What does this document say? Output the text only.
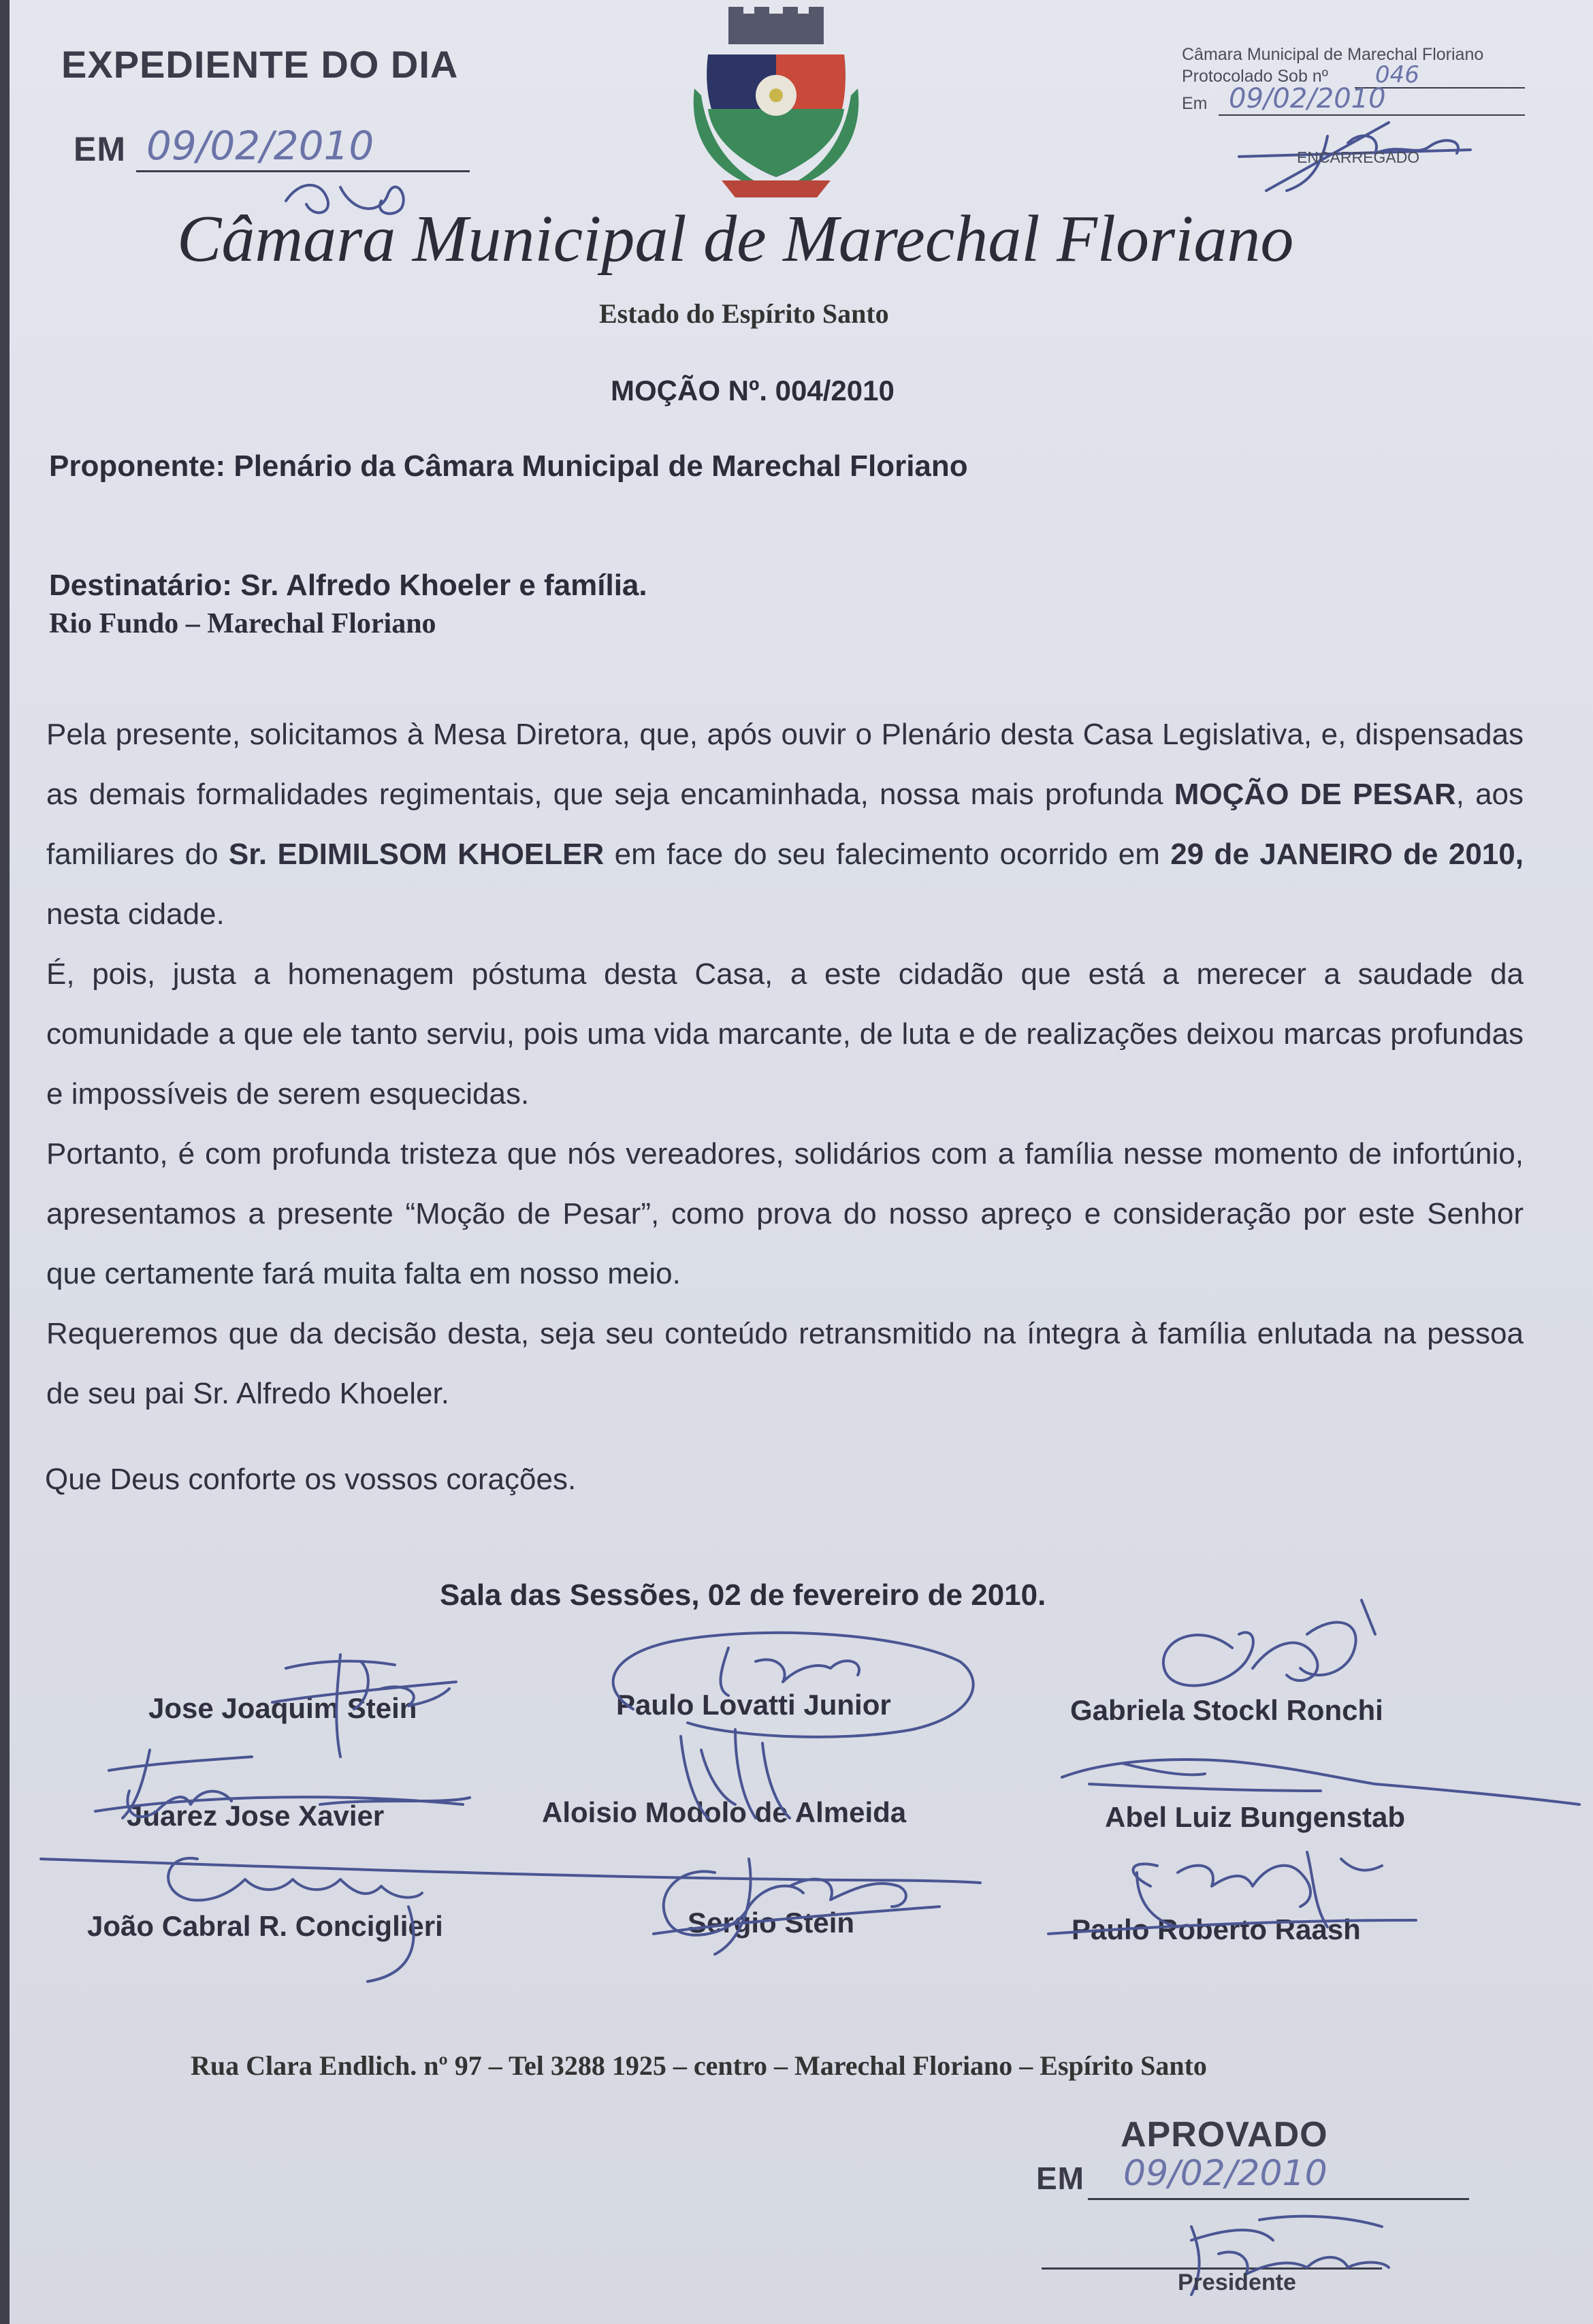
EXPEDIENTE DO DIA
EM 09/02/2010
Câmara Municipal de Marechal Floriano
Protocolado Sob nº 046
Em 09/02/2010
ENCARREGADO
Câmara Municipal de Marechal Floriano
Estado do Espírito Santo
MOÇÃO Nº. 004/2010
Proponente: Plenário da Câmara Municipal de Marechal Floriano
Destinatário: Sr. Alfredo Khoeler e família.
Rio Fundo – Marechal Floriano

Pela presente, solicitamos à Mesa Diretora, que, após ouvir o Plenário desta Casa Legislativa, e, dispensadas as demais formalidades regimentais, que seja encaminhada, nossa mais profunda MOÇÃO DE PESAR, aos familiares do Sr. EDIMILSOM KHOELER em face do seu falecimento ocorrido em 29 de JANEIRO de 2010, nesta cidade.

É, pois, justa a homenagem póstuma desta Casa, a este cidadão que está a merecer a saudade da comunidade a que ele tanto serviu, pois uma vida marcante, de luta e de realizações deixou marcas profundas e impossíveis de serem esquecidas.

Portanto, é com profunda tristeza que nós vereadores, solidários com a família nesse momento de infortúnio, apresentamos a presente “Moção de Pesar”, como prova do nosso apreço e consideração por este Senhor que certamente fará muita falta em nosso meio.

Requeremos que da decisão desta, seja seu conteúdo retransmitido na íntegra à família enlutada na pessoa de seu pai Sr. Alfredo Khoeler.

Que Deus conforte os vossos corações.
Sala das Sessões, 02 de fevereiro de 2010.
Jose Joaquim Stein	Paulo Lovatti Junior	Gabriela Stockl Ronchi
Juarez Jose Xavier	Aloisio Modolo de Almeida	Abel Luiz Bungenstab
João Cabral R. Conciglieri	Sergio Stein	Paulo Roberto Raash
Rua Clara Endlich. nº 97 – Tel 3288 1925 – centro – Marechal Floriano – Espírito Santo
APROVADO
EM 09/02/2010
Presidente
